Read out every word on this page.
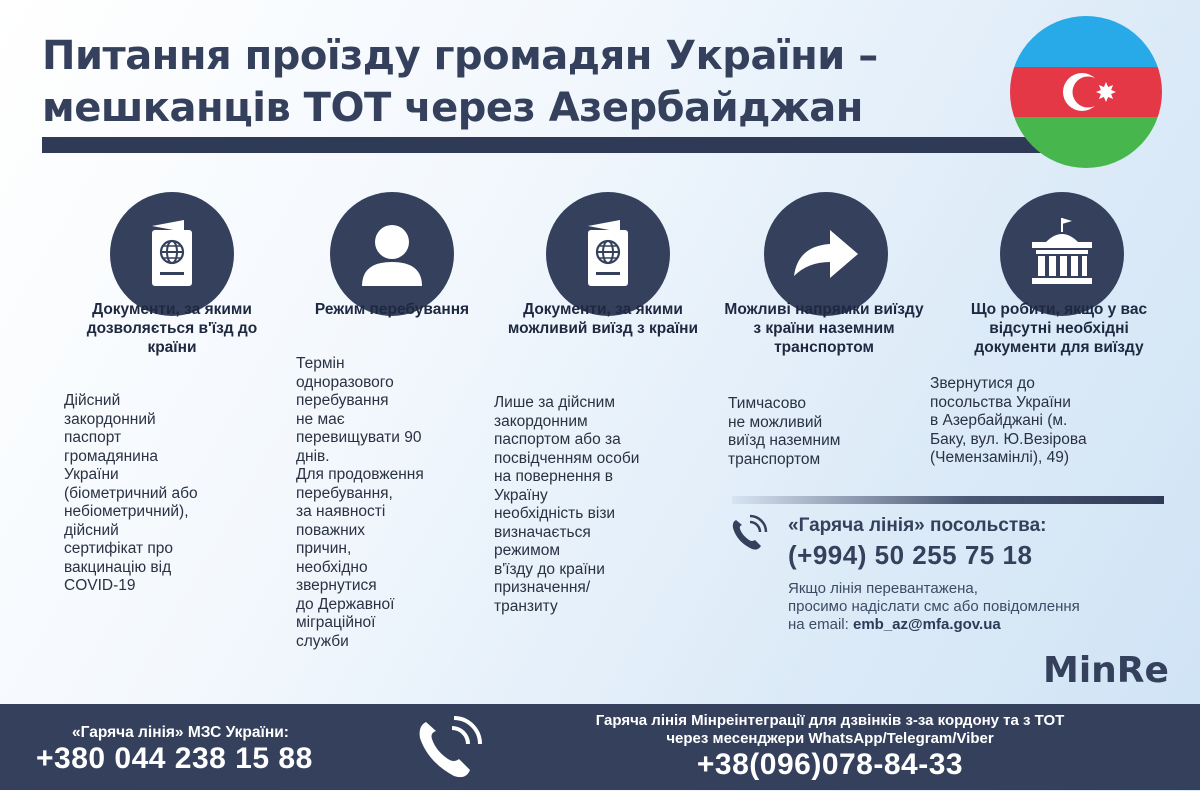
Питання проїзду громадян України –
мешканців ТОТ через Азербайджан
Документи, за якими дозволяється в'їзд до країни
Дійсний
закордонний
паспорт
громадянина
України
(біометричний або
небіометричний),
дійсний
сертифікат про
вакцинацію від
COVID-19
Режим перебування
Термін
одноразового
перебування
не має
перевищувати 90
днів.
Для продовження
перебування,
за наявності
поважних
причин,
необхідно
звернутися
до Державної
міграційної
служби
Документи, за якими можливий виїзд з країни
Лише за дійсним
закордонним
паспортом або за
посвідченням особи
на повернення в
Україну
необхідність візи
визначається
режимом
в'їзду до країни
призначення/
транзиту
Можливі напрямки виїзду з країни наземним транспортом
Тимчасово
не можливий
виїзд наземним
транспортом
Що робити, якщо у вас відсутні необхідні документи для виїзду
Звернутися до
посольства України
в Азербайджані (м.
Баку, вул. Ю.Везірова
(Чемензамінлі), 49)
«Гаряча лінія» посольства:
(+994) 50 255 75 18
Якщо лінія перевантажена,
просимо надіслати смс або повідомлення
на email: emb_az@mfa.gov.ua
MinRe
«Гаряча лінія» МЗС України:
+380 044 238 15 88
Гаряча лінія Мінреінтеграції для дзвінків з-за кордону та з ТОТ
через месенджери WhatsApp/Telegram/Viber
+38(096)078-84-33
